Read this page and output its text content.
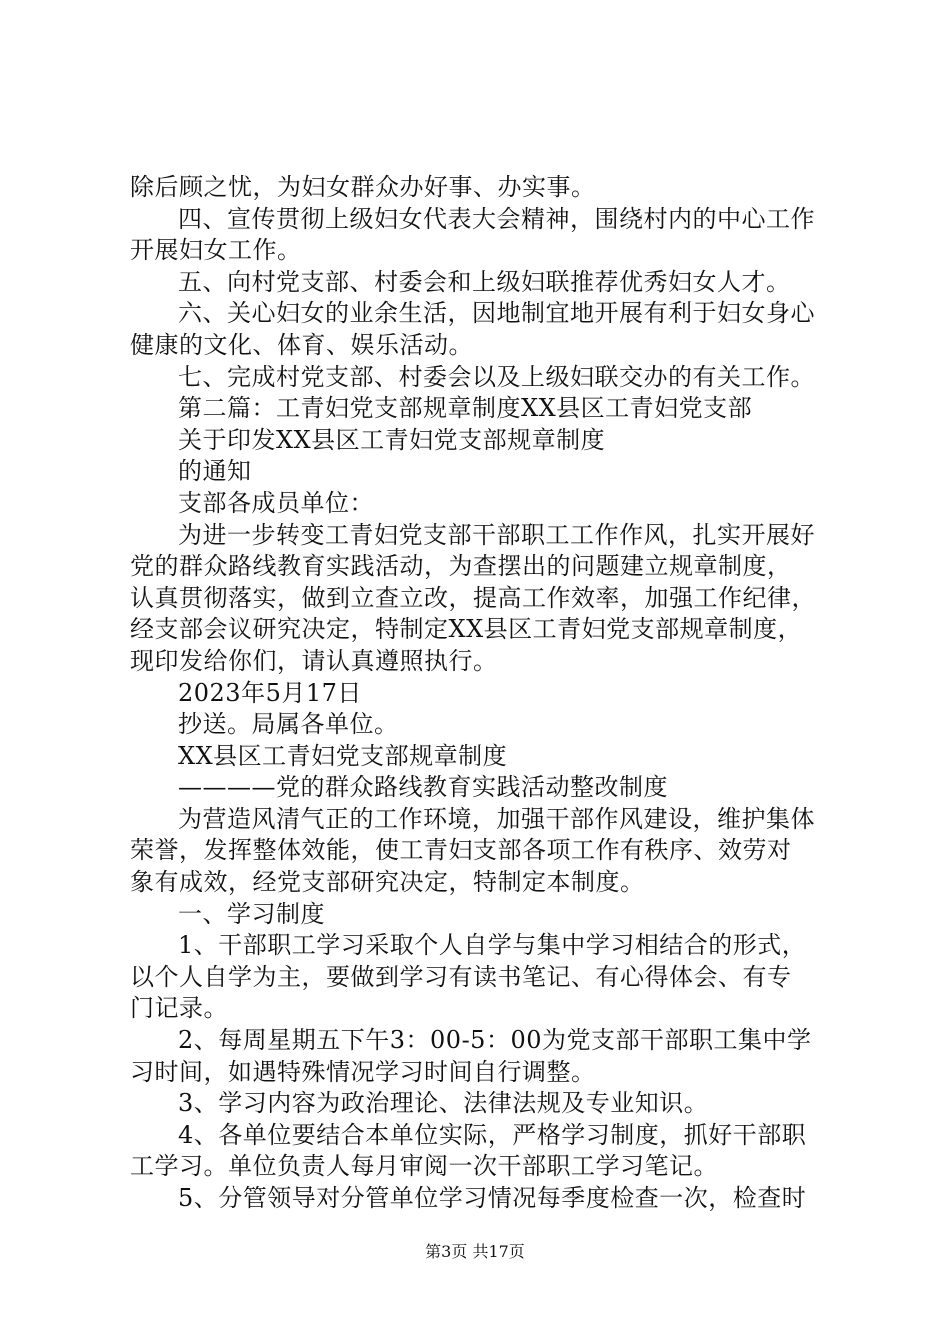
除后顾之忧，为妇女群众办好事、办实事。
四、宣传贯彻上级妇女代表大会精神，围绕村内的中心工作
开展妇女工作。
五、向村党支部、村委会和上级妇联推荐优秀妇女人才。
六、关心妇女的业余生活，因地制宜地开展有利于妇女身心
健康的文化、体育、娱乐活动。
七、完成村党支部、村委会以及上级妇联交办的有关工作。
第二篇：工青妇党支部规章制度XX县区工青妇党支部
关于印发XX县区工青妇党支部规章制度
的通知
支部各成员单位：
为进一步转变工青妇党支部干部职工工作作风，扎实开展好
党的群众路线教育实践活动，为查摆出的问题建立规章制度，
认真贯彻落实，做到立查立改，提高工作效率，加强工作纪律，
经支部会议研究决定，特制定XX县区工青妇党支部规章制度，
现印发给你们，请认真遵照执行。
2023年5月17日
抄送。局属各单位。
XX县区工青妇党支部规章制度
————党的群众路线教育实践活动整改制度
为营造风清气正的工作环境，加强干部作风建设，维护集体
荣誉，发挥整体效能，使工青妇支部各项工作有秩序、效劳对
象有成效，经党支部研究决定，特制定本制度。
一、学习制度
1、干部职工学习采取个人自学与集中学习相结合的形式，
以个人自学为主，要做到学习有读书笔记、有心得体会、有专
门记录。
2、每周星期五下午3：00-5：00为党支部干部职工集中学
习时间，如遇特殊情况学习时间自行调整。
3、学习内容为政治理论、法律法规及专业知识。
4、各单位要结合本单位实际，严格学习制度，抓好干部职
工学习。单位负责人每月审阅一次干部职工学习笔记。
5、分管领导对分管单位学习情况每季度检查一次，检查时
第3页 共17页
